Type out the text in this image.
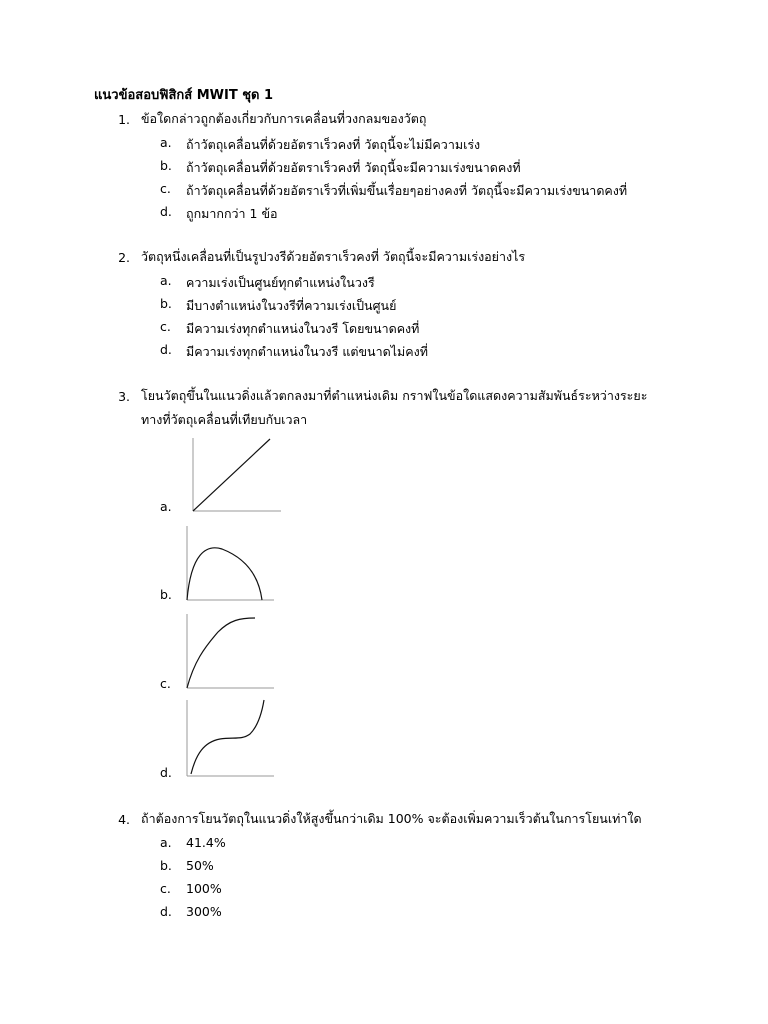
แนวข้อสอบฟิสิกส์ MWIT ชุด 1
1. ข้อใดกล่าวถูกต้องเกี่ยวกับการเคลื่อนที่วงกลมของวัตถุ
a.	ถ้าวัตถุเคลื่อนที่ด้วยอัตราเร็วคงที่ วัตถุนี้จะไม่มีความเร่ง
b.	ถ้าวัตถุเคลื่อนที่ด้วยอัตราเร็วคงที่ วัตถุนี้จะมีความเร่งขนาดคงที่
c.	ถ้าวัตถุเคลื่อนที่ด้วยอัตราเร็วที่เพิ่มขึ้นเรื่อยๆอย่างคงที่ วัตถุนี้จะมีความเร่งขนาดคงที่
d.	ถูกมากกว่า 1 ข้อ
2. วัตถุหนึ่งเคลื่อนที่เป็นรูปวงรีด้วยอัตราเร็วคงที่ วัตถุนี้จะมีความเร่งอย่างไร
a.	ความเร่งเป็นศูนย์ทุกตำแหน่งในวงรี
b.	มีบางตำแหน่งในวงรีที่ความเร่งเป็นศูนย์
c.	มีความเร่งทุกตำแหน่งในวงรี โดยขนาดคงที่
d.	มีความเร่งทุกตำแหน่งในวงรี แต่ขนาดไม่คงที่
3. โยนวัตถุขึ้นในแนวดิ่งแล้วตกลงมาที่ตำแหน่งเดิม กราฟในข้อใดแสดงความสัมพันธ์ระหว่างระยะ
ทางที่วัตถุเคลื่อนที่เทียบกับเวลา
a.
b.
c.
d.
4. ถ้าต้องการโยนวัตถุในแนวดิ่งให้สูงขึ้นกว่าเดิม 100% จะต้องเพิ่มความเร็วต้นในการโยนเท่าใด
a.	41.4%
b.	50%
c.	100%
d.	300%
